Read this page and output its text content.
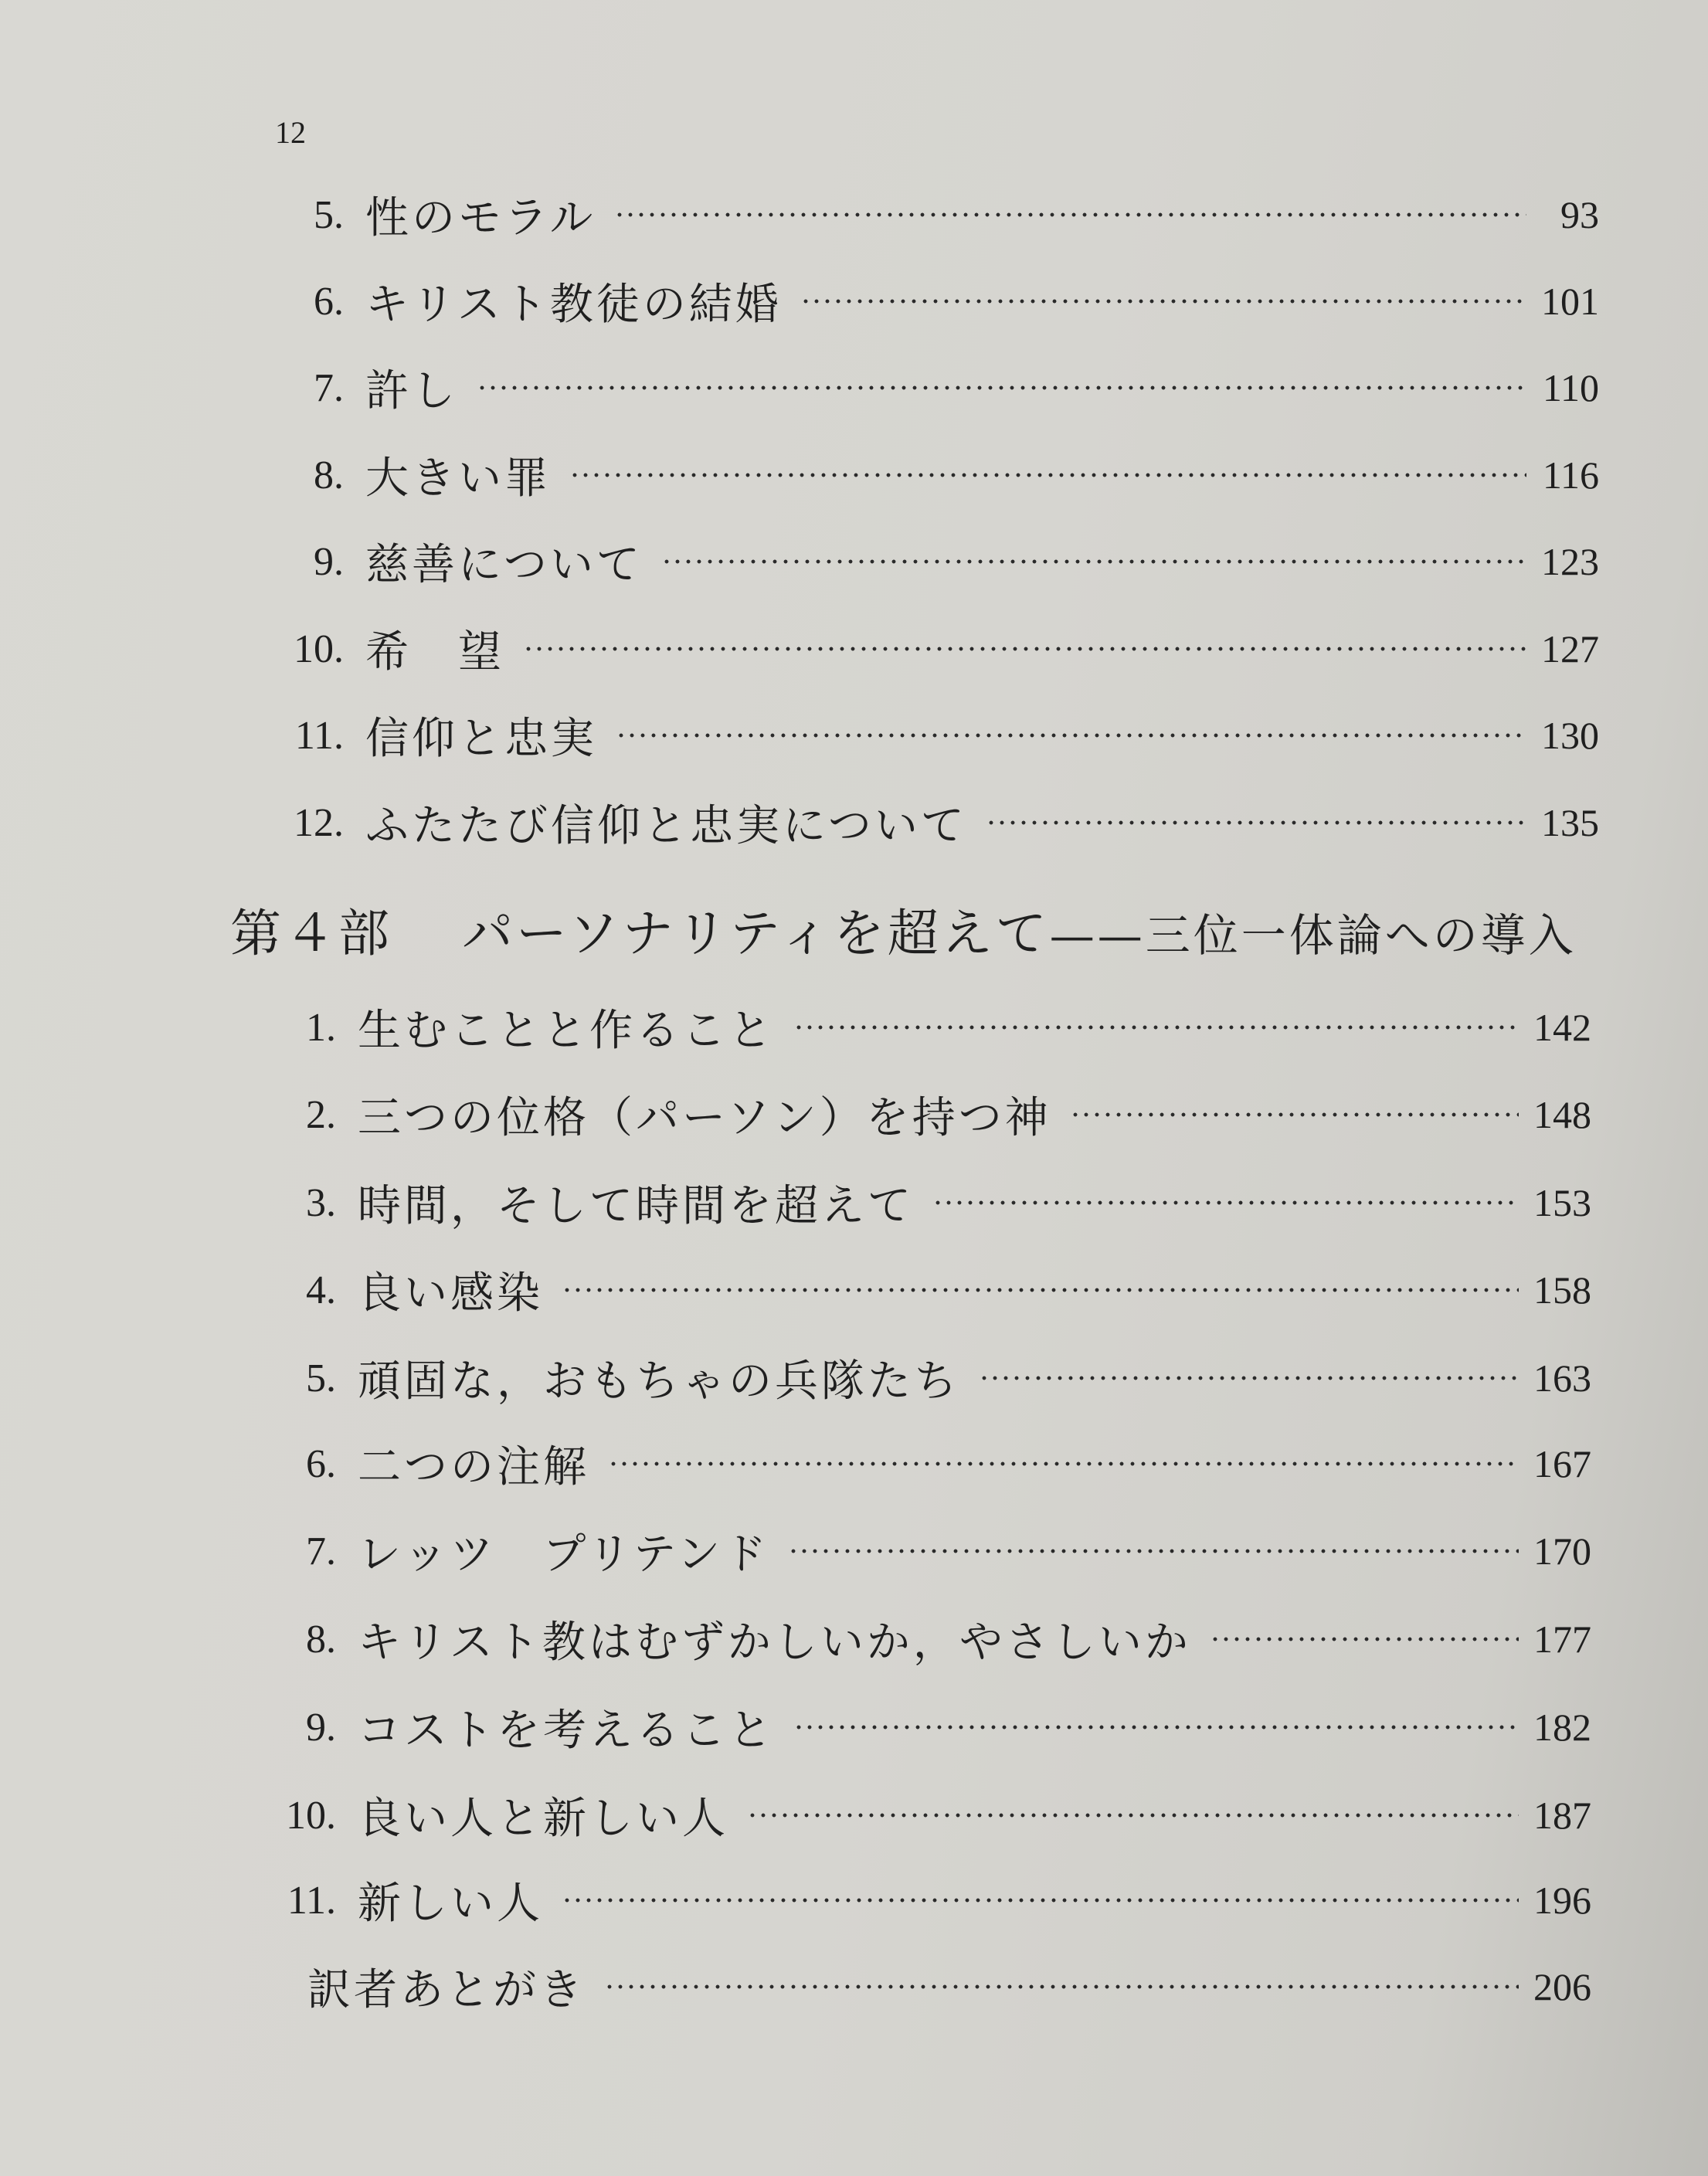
12
5. 性のモラル	93
6. キリスト教徒の結婚	101
7. 許し	110
8. 大きい罪	116
9. 慈善について	123
10. 希　望	127
11. 信仰と忠実	130
12. ふたたび信仰と忠実について	135
第４部 パーソナリティを超えて——三位一体論への導入
1. 生むことと作ること	142
2. 三つの位格（パーソン）を持つ神	148
3. 時間，そして時間を超えて	153
4. 良い感染	158
5. 頑固な，おもちゃの兵隊たち	163
6. 二つの注解	167
7. レッツ　プリテンド	170
8. キリスト教はむずかしいか，やさしいか	177
9. コストを考えること	182
10. 良い人と新しい人	187
11. 新しい人	196
訳者あとがき	206
